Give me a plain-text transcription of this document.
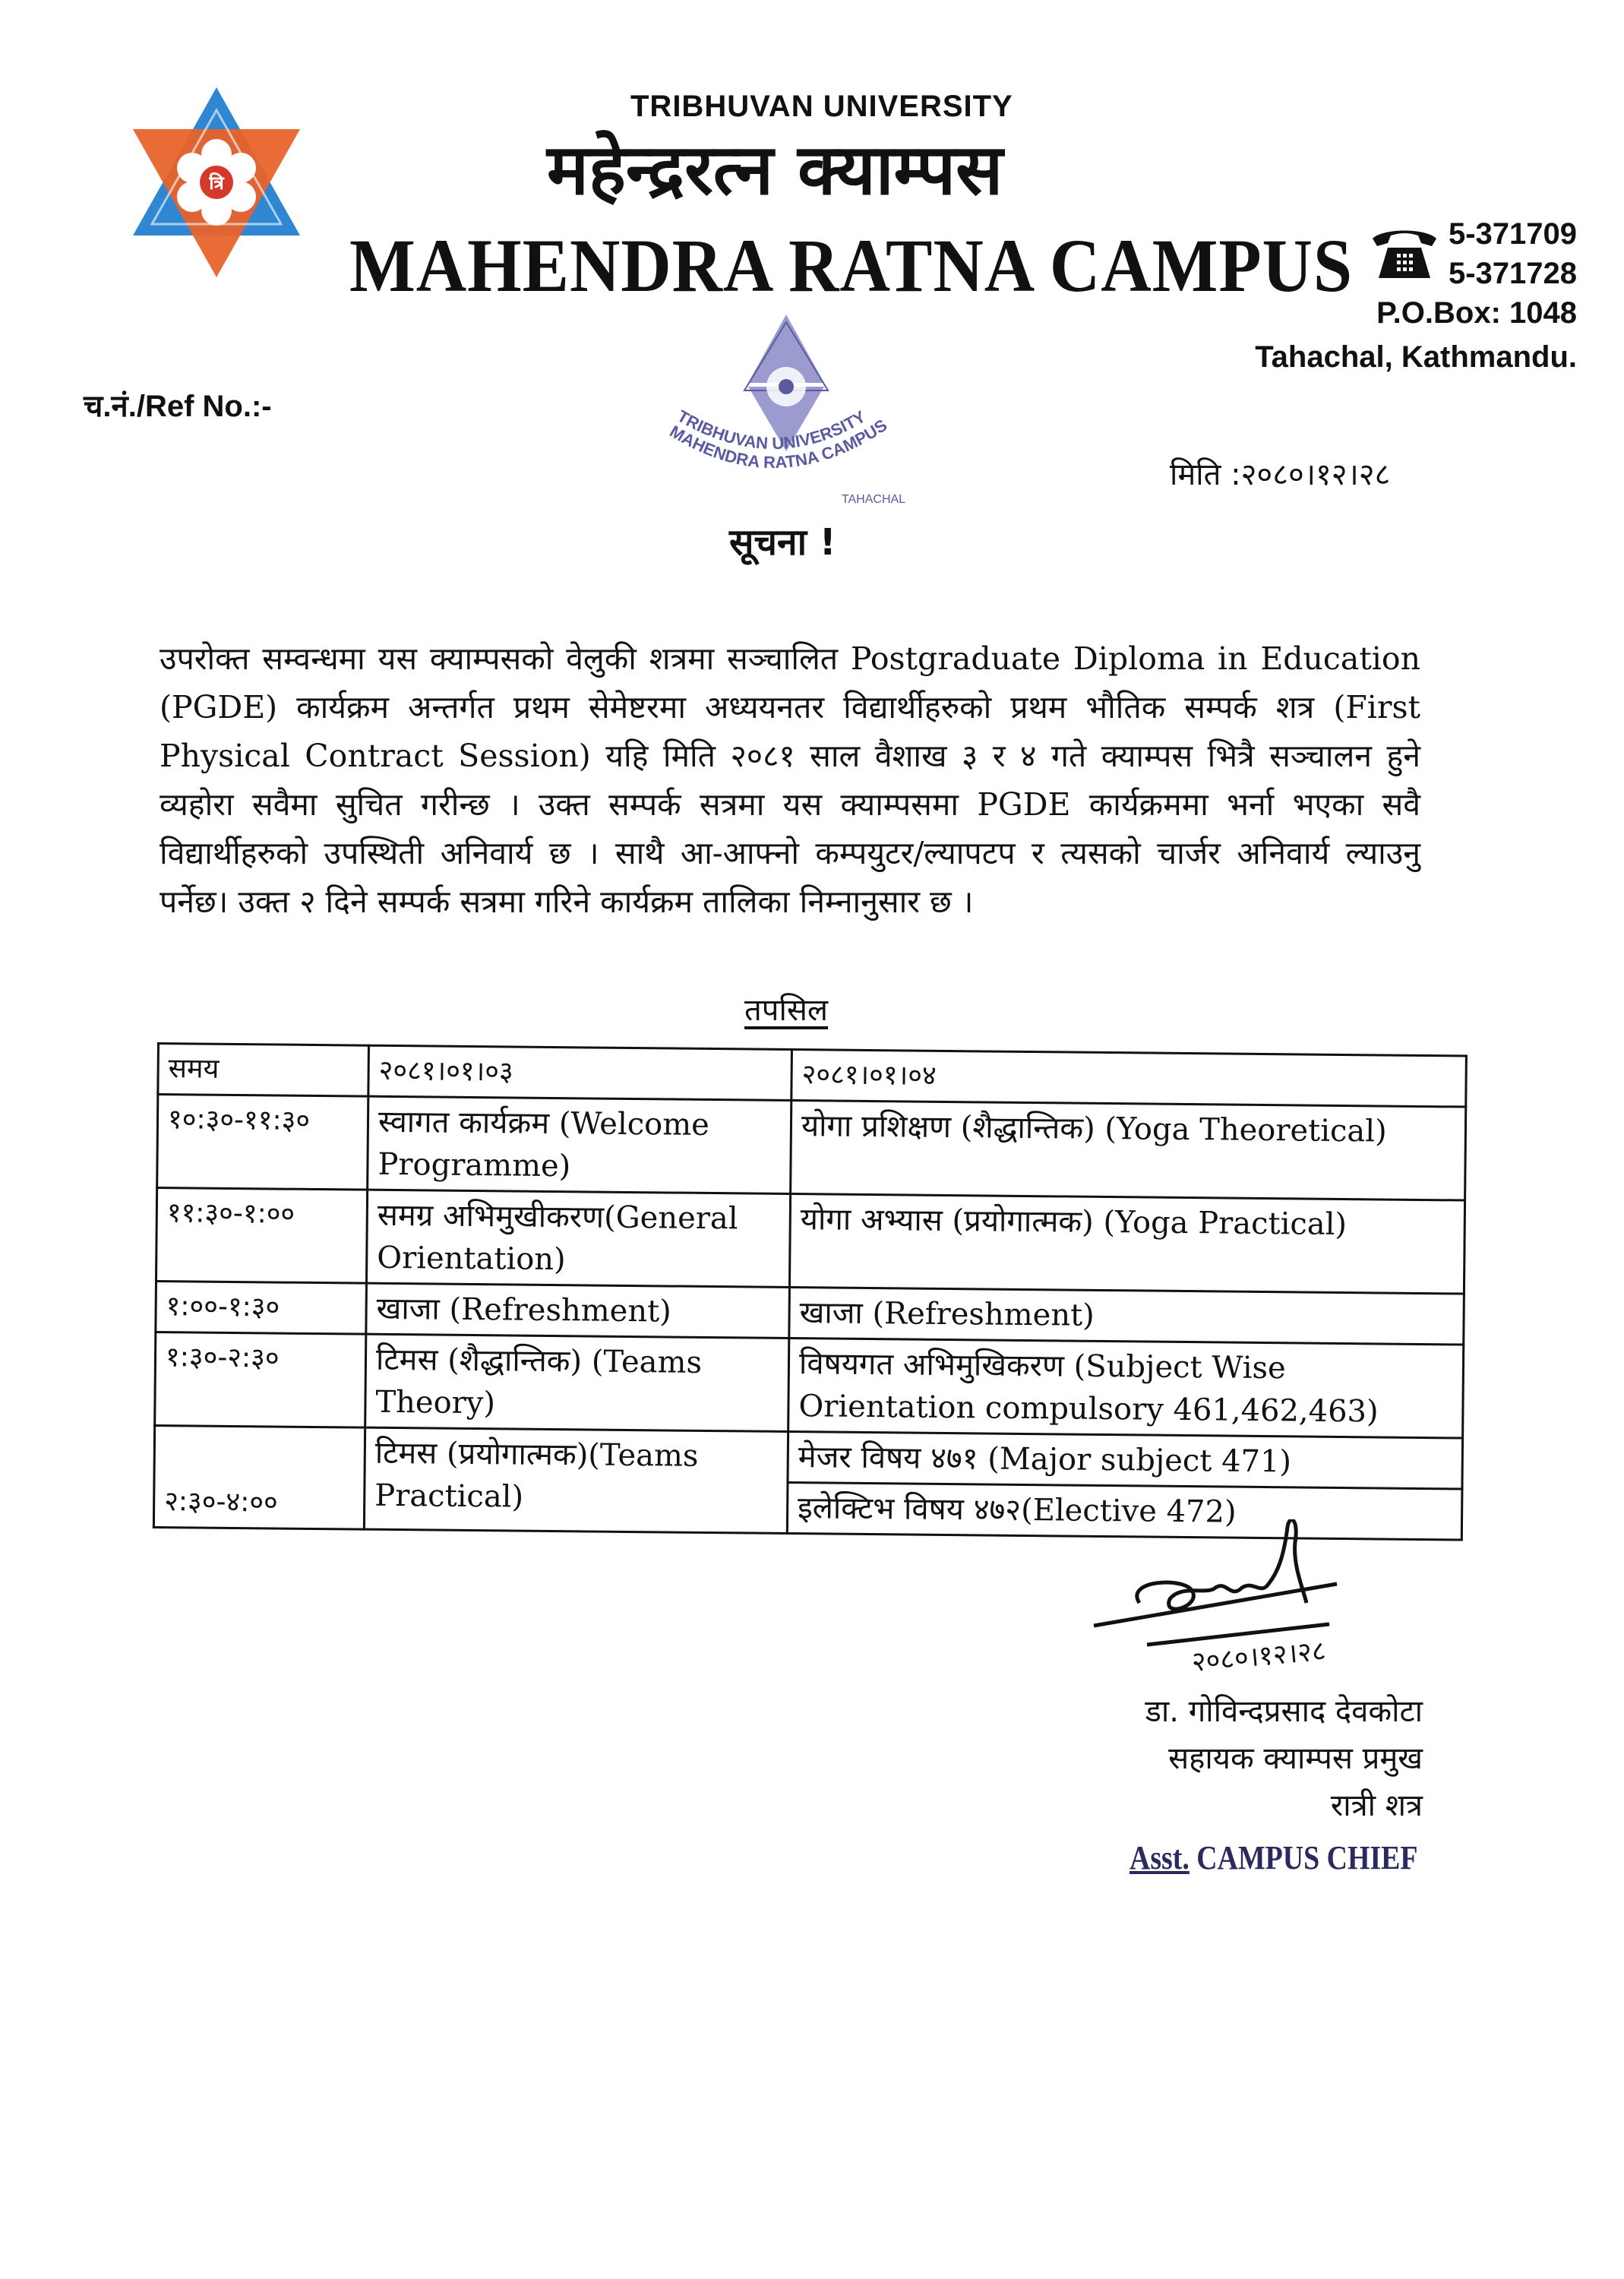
त्रि
TRIBHUVAN UNIVERSITY
महेन्द्ररत्न क्याम्पस
MAHENDRA RATNA CAMPUS	5-371709
5-371728
P.O.Box: 1048
Tahachal, Kathmandu.
च.नं./Ref No.:-	TRIBHUVAN UNIVERSITY
MAHENDRA RATNA CAMPUS
TAHACHAL
मिति :२०८०।१२।२८
सूचना !
उपरोक्त सम्वन्धमा यस क्याम्पसको वेलुकी शत्रमा सञ्चालित Postgraduate Diploma in Education (PGDE) कार्यक्रम अन्तर्गत प्रथम सेमेष्टरमा अध्ययनतर विद्यार्थीहरुको प्रथम भौतिक सम्पर्क शत्र (First Physical Contract Session) यहि मिति २०८१ साल वैशाख ३ र ४ गते क्याम्पस भित्रै सञ्चालन हुने व्यहोरा सवैमा सुचित गरीन्छ । उक्त सम्पर्क सत्रमा यस क्याम्पसमा PGDE कार्यक्रममा भर्ना भएका सवै विद्यार्थीहरुको उपस्थिती अनिवार्य छ । साथै आ-आफ्नो कम्पयुटर/ल्यापटप र त्यसको चार्जर अनिवार्य ल्याउनु पर्नेछ। उक्त २ दिने सम्पर्क सत्रमा गरिने कार्यक्रम तालिका निम्नानुसार छ ।
तपसिल
समय	२०८१।०१।०३	२०८१।०१।०४
१०:३०-११:३०	स्वागत कार्यक्रम (Welcome Programme)	योगा प्रशिक्षण (शैद्धान्तिक) (Yoga Theoretical)
११:३०-१:००	समग्र अभिमुखीकरण(General Orientation)	योगा अभ्यास (प्रयोगात्मक) (Yoga Practical)
१:००-१:३०	खाजा (Refreshment)	खाजा (Refreshment)
१:३०-२:३०	टिमस (शैद्धान्तिक) (Teams Theory)	विषयगत अभिमुखिकरण (Subject Wise Orientation compulsory 461,462,463)
२:३०-४:००	टिमस (प्रयोगात्मक)(Teams Practical)	मेजर विषय ४७१ (Major subject 471)
		इलेक्टिभ विषय ४७२(Elective 472)
२०८०।१२।२८
डा. गोविन्दप्रसाद देवकोटा
सहायक क्याम्पस प्रमुख
रात्री शत्र
Asst. CAMPUS CHIEF
